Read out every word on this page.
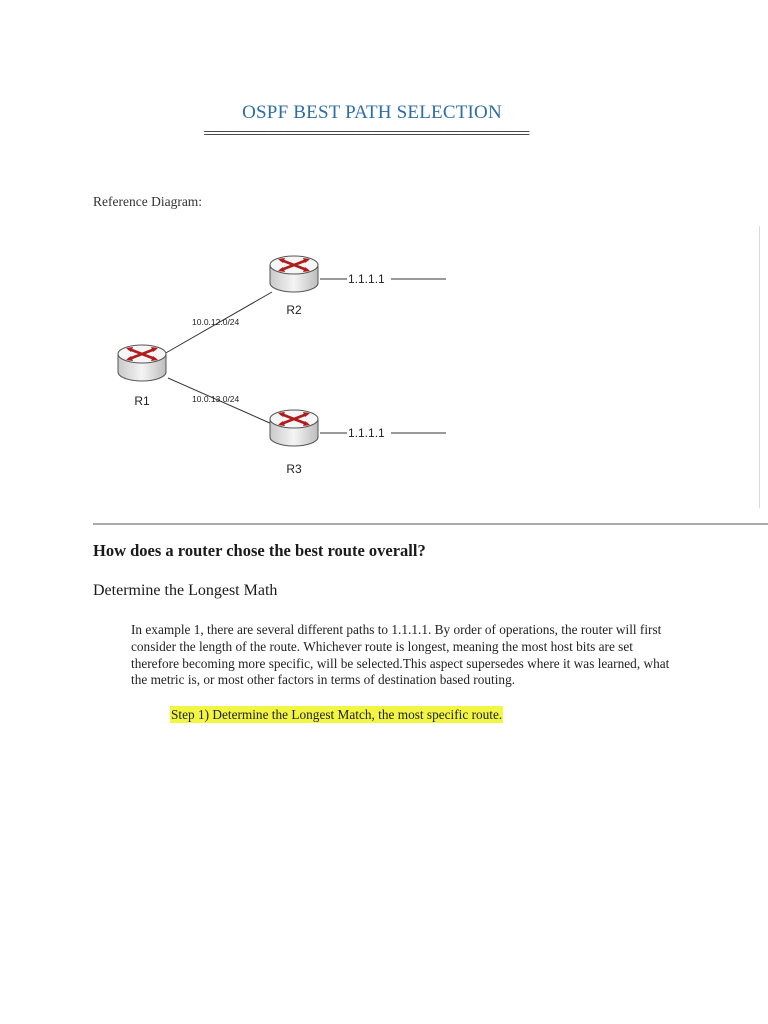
OSPF BEST PATH SELECTION
===========================================================
Reference Diagram:
R2
R1
R3
10.0.12.0/24
10.0.13.0/24
1.1.1.1
1.1.1.1
How does a router chose the best route overall?
Determine the Longest Math

In example 1, there are several different paths to 1.1.1.1. By order of operations, the router will first consider the length of the route. Whichever route is longest, meaning the most host bits are set therefore becoming more specific, will be selected.This aspect supersedes where it was learned, what the metric is, or most other factors in terms of destination based routing.

Step 1) Determine the Longest Match, the most specific route.
